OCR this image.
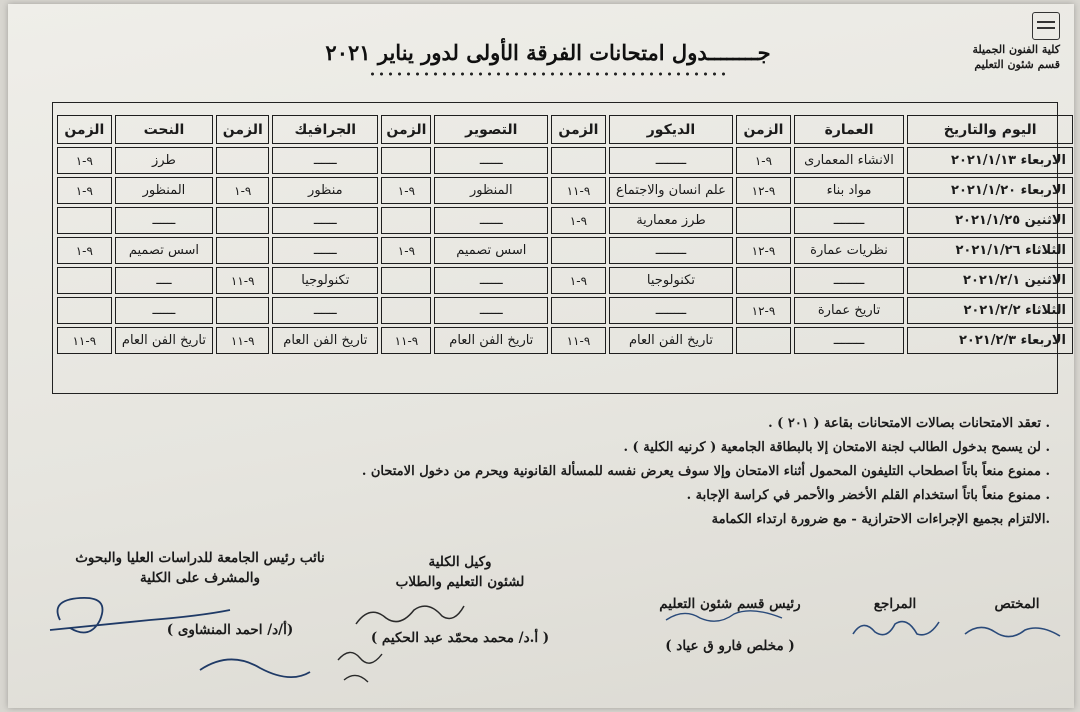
كلية الفنون الجميلة
قسم شئون التعليم
جــــــــدول امتحانات الفرقة الأولى لدور يناير ٢٠٢١
اليوم والتاريخ	العمارة	الزمن	الديكور	الزمن	التصوير	الزمن	الجرافيك	الزمن	النحت	الزمن
الاربعاء ٢٠٢١/١/١٣	الانشاء المعمارى	٩-١	ــــــــ		ــــــ		ــــــ		طرز	٩-١
الاربعاء ٢٠٢١/١/٢٠	مواد بناء	٩-١٢	علم انسان والاجتماع	٩-١١	المنظور	٩-١	منظور	٩-١	المنظور	٩-١
الاثنين ٢٠٢١/١/٢٥	ــــــــ		طرز معمارية	٩-١	ــــــ		ــــــ		ــــــ	
الثلاثاء ٢٠٢١/١/٢٦	نظريات عمارة	٩-١٢	ــــــــ		اسس تصميم	٩-١	ــــــ		اسس تصميم	٩-١
الاثنين ٢٠٢١/٢/١	ــــــــ		تكنولوجيا	٩-١	ــــــ		تكنولوجيا	٩-١١	ــــ	
الثلاثاء ٢٠٢١/٢/٢	تاريخ عمارة	٩-١٢	ــــــــ		ــــــ		ــــــ		ــــــ	
الاربعاء ٢٠٢١/٢/٣	ــــــــ		تاريخ الفن العام	٩-١١	تاريخ الفن العام	٩-١١	تاريخ الفن العام	٩-١١	تاريخ الفن العام	٩-١١
. تعقد الامتحانات بصالات الامتحانات بقاعة ( ٢٠١ ) .
. لن يسمح بدخول الطالب لجنة الامتحان إلا بالبطاقة الجامعية ( كرنيه الكلية ) .
. ممنوع منعاً باتاً اصطحاب التليفون المحمول أثناء الامتحان وإلا سوف يعرض نفسه للمسألة القانونية ويحرم من دخول الامتحان .
. ممنوع منعاً باتاً استخدام القلم الأخضر والأحمر في كراسة الإجابة .
.الالتزام بجميع الإجراءات الاحترازية - مع ضرورة ارتداء الكمامة
المختص
المراجع
رئيس قسم شئون التعليم
( مخلص فارو ق عياد )
وكيل الكلية
لشئون التعليم والطلاب
( أ.د/ محمد محمّد عبد الحكيم )
نائب رئيس الجامعة للدراسات العليا والبحوث
والمشرف على الكلية
(أ/د/ احمد المنشاوى )
